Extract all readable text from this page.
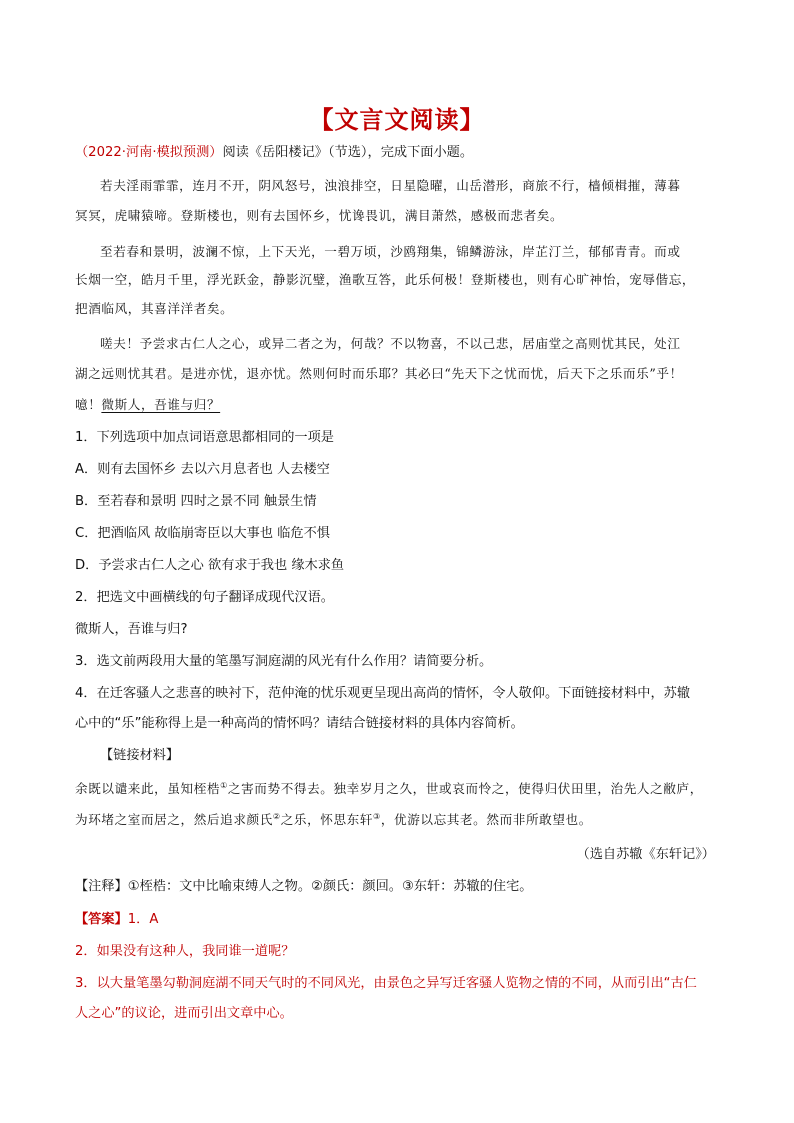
【文言文阅读】
（2022·河南·模拟预测）阅读《岳阳楼记》（节选），完成下面小题。
若夫淫雨霏霏，连月不开，阴风怒号，浊浪排空，日星隐曜，山岳潜形，商旅不行，樯倾楫摧，薄暮
冥冥，虎啸猿啼。登斯楼也，则有去国怀乡，忧谗畏讥，满目萧然，感极而悲者矣。
至若春和景明，波澜不惊，上下天光，一碧万顷，沙鸥翔集，锦鳞游泳，岸芷汀兰，郁郁青青。而或
长烟一空，皓月千里，浮光跃金，静影沉璧，渔歌互答，此乐何极！登斯楼也，则有心旷神怡，宠辱偕忘，
把酒临风，其喜洋洋者矣。
嗟夫！予尝求古仁人之心，或异二者之为，何哉？不以物喜，不以己悲，居庙堂之高则忧其民，处江
湖之远则忧其君。是进亦忧，退亦忧。然则何时而乐耶？其必曰“先天下之忧而忧，后天下之乐而乐”乎！
噫！微斯人，吾谁与归？
1．下列选项中加点词语意思都相同的一项是
A．则有去国怀乡 去以六月息者也 人去楼空
B．至若春和景明 四时之景不同 触景生情
C．把酒临风 故临崩寄臣以大事也 临危不惧
D．予尝求古仁人之心 欲有求于我也 缘木求鱼
2．把选文中画横线的句子翻译成现代汉语。
微斯人，吾谁与归?
3．选文前两段用大量的笔墨写洞庭湖的风光有什么作用？请简要分析。
4．在迁客骚人之悲喜的映衬下，范仲淹的忧乐观更呈现出高尚的情怀，令人敬仰。下面链接材料中，苏辙
心中的“乐”能称得上是一种高尚的情怀吗？请结合链接材料的具体内容简析。
【链接材料】
余既以谴来此，虽知桎梏①之害而势不得去。独幸岁月之久，世或哀而怜之，使得归伏田里，治先人之敝庐，
为环堵之室而居之，然后追求颜氏②之乐，怀思东轩③，优游以忘其老。然而非所敢望也。
（选自苏辙《东轩记》）
【注释】①桎梏：文中比喻束缚人之物。②颜氏：颜回。③东轩：苏辙的住宅。
【答案】1．A
2．如果没有这种人，我同谁一道呢？
3．以大量笔墨勾勒洞庭湖不同天气时的不同风光，由景色之异写迁客骚人览物之情的不同，从而引出“古仁
人之心”的议论，进而引出文章中心。
